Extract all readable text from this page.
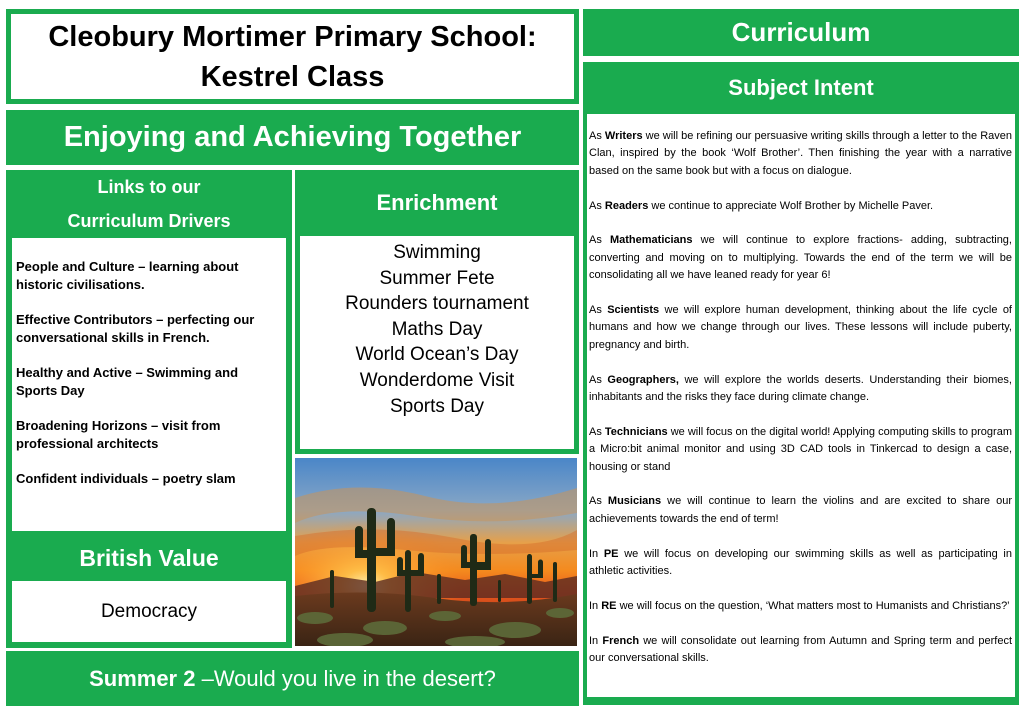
Cleobury Mortimer Primary School:
Kestrel Class
Enjoying and Achieving Together
Links to our
Curriculum Drivers

People and Culture – learning about historic civilisations.

Effective Contributors – perfecting our conversational skills in French.

Healthy and Active – Swimming and Sports Day

Broadening Horizons – visit from professional architects

Confident individuals – poetry slam

British Value
Democracy
Enrichment
Swimming
Summer Fete
Rounders tournament
Maths Day
World Ocean’s Day
Wonderdome Visit
Sports Day
Summer 2 –Would you live in the desert?
Curriculum
Subject Intent

As Writers we will be refining our persuasive writing skills through a letter to the Raven Clan, inspired by the book ‘Wolf Brother’. Then finishing the year with a narrative based on the same book but with a focus on dialogue.

As Readers we continue to appreciate Wolf Brother by Michelle Paver.

As Mathematicians we will continue to explore fractions- adding, subtracting, converting and moving on to multiplying. Towards the end of the term we will be consolidating all we have leaned ready for year 6!

As Scientists we will explore human development, thinking about the life cycle of humans and how we change through our lives. These lessons will include puberty, pregnancy and birth.

As Geographers, we will explore the worlds deserts. Understanding their biomes, inhabitants and the risks they face during climate change.

As Technicians we will focus on the digital world! Applying computing skills to program a Micro:bit animal monitor and using 3D CAD tools in Tinkercad to design a case, housing or stand

As Musicians we will continue to learn the violins and are excited to share our achievements towards the end of term!

In PE we will focus on developing our swimming skills as well as participating in athletic activities.

In RE we will focus on the question, ‘What matters most to Humanists and Christians?’

In French we will consolidate out learning from Autumn and Spring term and perfect our conversational skills.
